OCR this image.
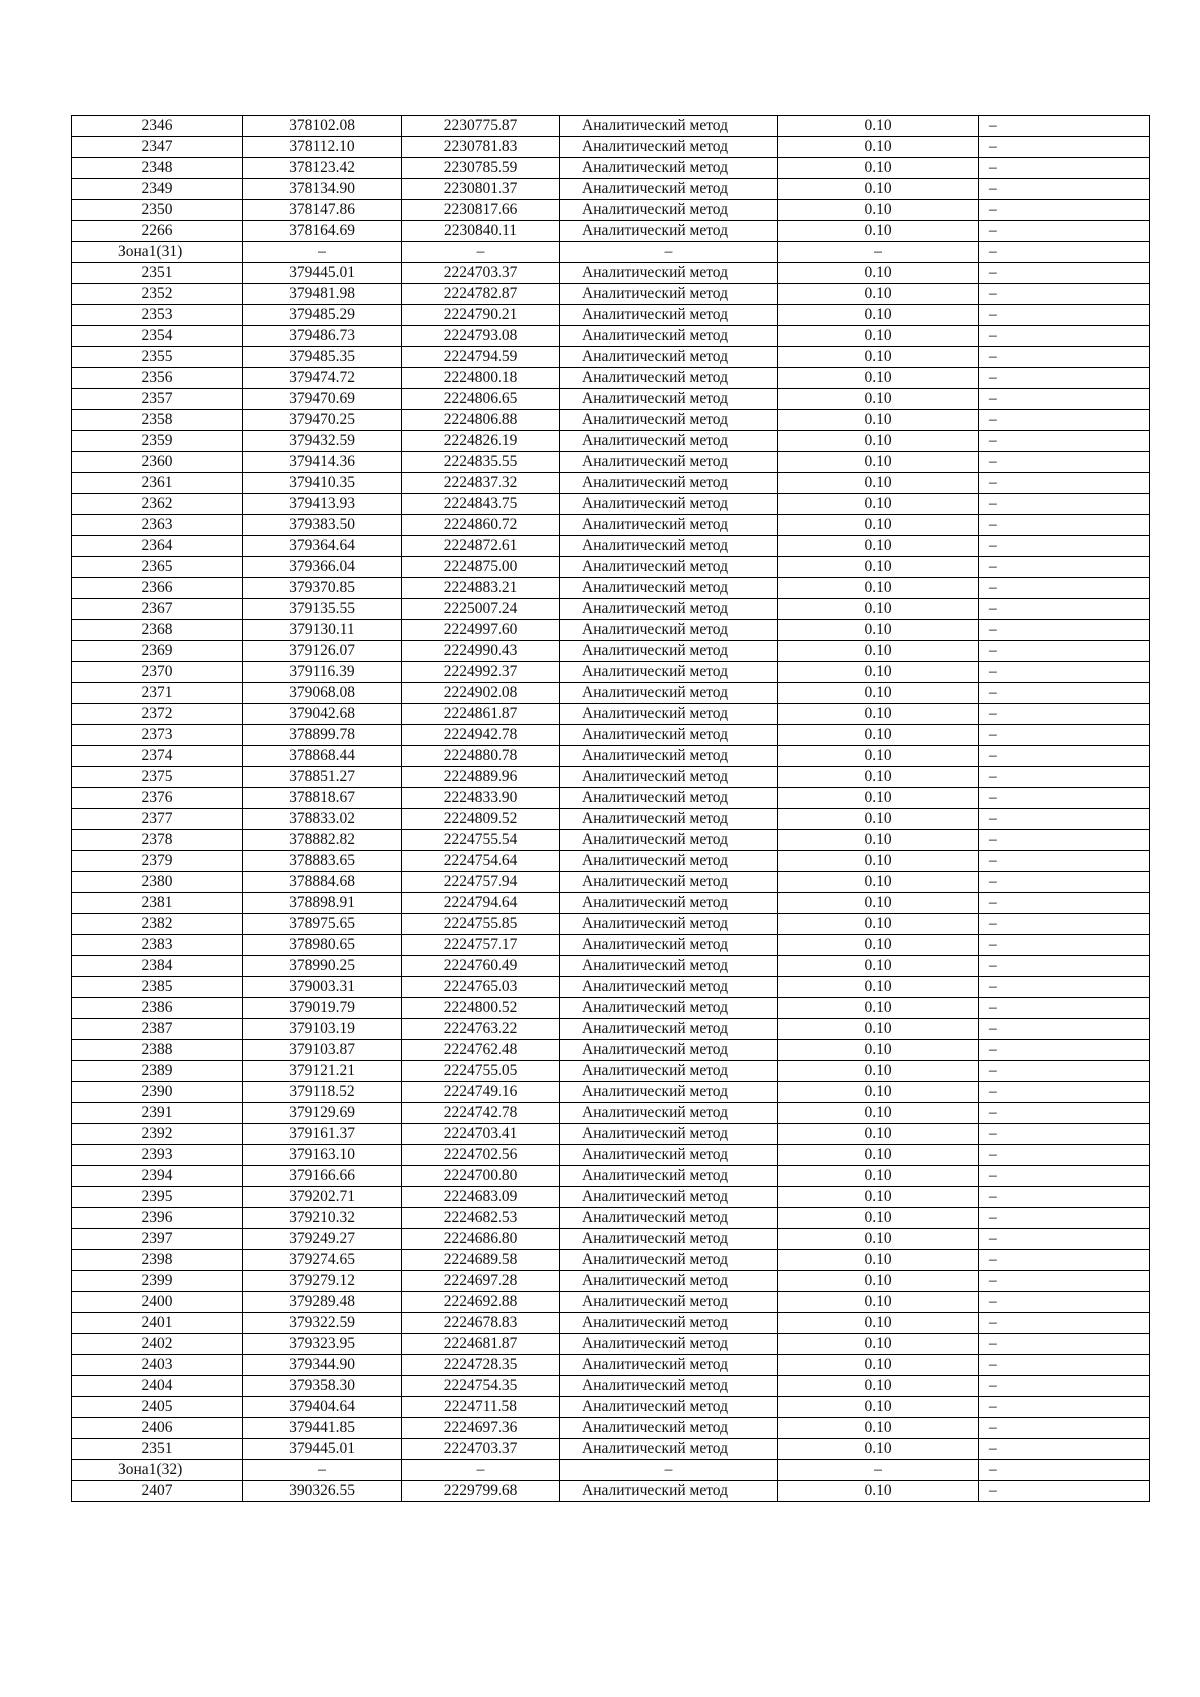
2346	378102.08	2230775.87	Аналитический метод	0.10	–
2347	378112.10	2230781.83	Аналитический метод	0.10	–
2348	378123.42	2230785.59	Аналитический метод	0.10	–
2349	378134.90	2230801.37	Аналитический метод	0.10	–
2350	378147.86	2230817.66	Аналитический метод	0.10	–
2266	378164.69	2230840.11	Аналитический метод	0.10	–
Зона1(31)	–	–	–	–	–
2351	379445.01	2224703.37	Аналитический метод	0.10	–
2352	379481.98	2224782.87	Аналитический метод	0.10	–
2353	379485.29	2224790.21	Аналитический метод	0.10	–
2354	379486.73	2224793.08	Аналитический метод	0.10	–
2355	379485.35	2224794.59	Аналитический метод	0.10	–
2356	379474.72	2224800.18	Аналитический метод	0.10	–
2357	379470.69	2224806.65	Аналитический метод	0.10	–
2358	379470.25	2224806.88	Аналитический метод	0.10	–
2359	379432.59	2224826.19	Аналитический метод	0.10	–
2360	379414.36	2224835.55	Аналитический метод	0.10	–
2361	379410.35	2224837.32	Аналитический метод	0.10	–
2362	379413.93	2224843.75	Аналитический метод	0.10	–
2363	379383.50	2224860.72	Аналитический метод	0.10	–
2364	379364.64	2224872.61	Аналитический метод	0.10	–
2365	379366.04	2224875.00	Аналитический метод	0.10	–
2366	379370.85	2224883.21	Аналитический метод	0.10	–
2367	379135.55	2225007.24	Аналитический метод	0.10	–
2368	379130.11	2224997.60	Аналитический метод	0.10	–
2369	379126.07	2224990.43	Аналитический метод	0.10	–
2370	379116.39	2224992.37	Аналитический метод	0.10	–
2371	379068.08	2224902.08	Аналитический метод	0.10	–
2372	379042.68	2224861.87	Аналитический метод	0.10	–
2373	378899.78	2224942.78	Аналитический метод	0.10	–
2374	378868.44	2224880.78	Аналитический метод	0.10	–
2375	378851.27	2224889.96	Аналитический метод	0.10	–
2376	378818.67	2224833.90	Аналитический метод	0.10	–
2377	378833.02	2224809.52	Аналитический метод	0.10	–
2378	378882.82	2224755.54	Аналитический метод	0.10	–
2379	378883.65	2224754.64	Аналитический метод	0.10	–
2380	378884.68	2224757.94	Аналитический метод	0.10	–
2381	378898.91	2224794.64	Аналитический метод	0.10	–
2382	378975.65	2224755.85	Аналитический метод	0.10	–
2383	378980.65	2224757.17	Аналитический метод	0.10	–
2384	378990.25	2224760.49	Аналитический метод	0.10	–
2385	379003.31	2224765.03	Аналитический метод	0.10	–
2386	379019.79	2224800.52	Аналитический метод	0.10	–
2387	379103.19	2224763.22	Аналитический метод	0.10	–
2388	379103.87	2224762.48	Аналитический метод	0.10	–
2389	379121.21	2224755.05	Аналитический метод	0.10	–
2390	379118.52	2224749.16	Аналитический метод	0.10	–
2391	379129.69	2224742.78	Аналитический метод	0.10	–
2392	379161.37	2224703.41	Аналитический метод	0.10	–
2393	379163.10	2224702.56	Аналитический метод	0.10	–
2394	379166.66	2224700.80	Аналитический метод	0.10	–
2395	379202.71	2224683.09	Аналитический метод	0.10	–
2396	379210.32	2224682.53	Аналитический метод	0.10	–
2397	379249.27	2224686.80	Аналитический метод	0.10	–
2398	379274.65	2224689.58	Аналитический метод	0.10	–
2399	379279.12	2224697.28	Аналитический метод	0.10	–
2400	379289.48	2224692.88	Аналитический метод	0.10	–
2401	379322.59	2224678.83	Аналитический метод	0.10	–
2402	379323.95	2224681.87	Аналитический метод	0.10	–
2403	379344.90	2224728.35	Аналитический метод	0.10	–
2404	379358.30	2224754.35	Аналитический метод	0.10	–
2405	379404.64	2224711.58	Аналитический метод	0.10	–
2406	379441.85	2224697.36	Аналитический метод	0.10	–
2351	379445.01	2224703.37	Аналитический метод	0.10	–
Зона1(32)	–	–	–	–	–
2407	390326.55	2229799.68	Аналитический метод	0.10	–
